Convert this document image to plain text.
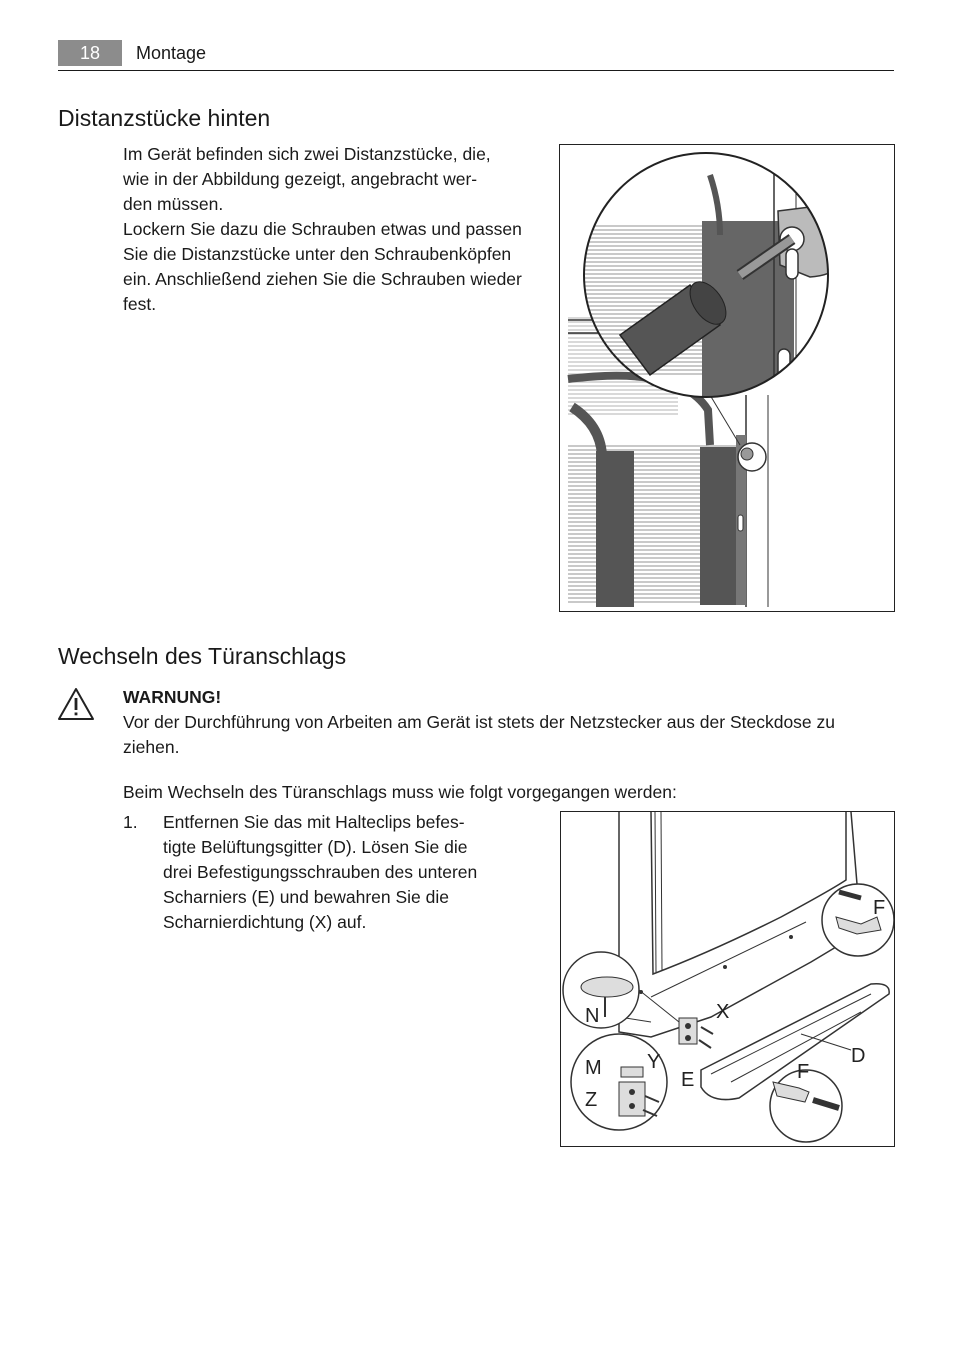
18	Montage
Distanzstücke hinten
Im Gerät befinden sich zwei Distanzstücke, die,
wie in der Abbildung gezeigt, angebracht wer-
den müssen.
Lockern Sie dazu die Schrauben etwas und passen
Sie die Distanzstücke unter den Schraubenköpfen
ein. Anschließend ziehen Sie die Schrauben wieder
fest.
Wechseln des Türanschlags
WARNUNG!
Vor der Durchführung von Arbeiten am Gerät ist stets der Netzstecker aus der Steckdose zu
ziehen.
Beim Wechseln des Türanschlags muss wie folgt vorgegangen werden:
1. Entfernen Sie das mit Halteclips befes-
tigte Belüftungsgitter (D). Lösen Sie die
drei Befestigungsschrauben des unteren
Scharniers (E) und bewahren Sie die
Scharnierdichtung (X) auf.
N	X
M Y
E
Z
D
F
F
